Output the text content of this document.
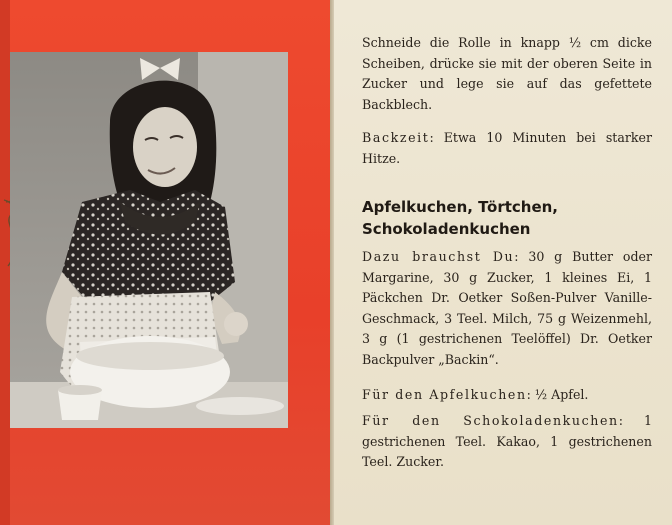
Schneide die Rolle in knapp ½ cm dicke Scheiben, drücke sie mit der oberen Seite in Zucker und lege sie auf das gefettete Backblech.
Backzeit: Etwa 10 Minuten bei starker Hitze.
Apfelkuchen, Törtchen,
Schokoladenkuchen
Dazu brauchst Du: 30 g Butter oder Margarine, 30 g Zucker, 1 kleines Ei, 1 Päckchen Dr. Oetker Soßen-Pulver Vanille-Geschmack, 3 Teel. Milch, 75 g Weizenmehl, 3 g (1 gestrichenen Teelöffel) Dr. Oetker Backpulver „Backin“.
Für den Apfelkuchen: ½ Apfel.
Für den Schokoladenkuchen: 1 gestrichenen Teel. Kakao, 1 gestrichenen Teel. Zucker.
